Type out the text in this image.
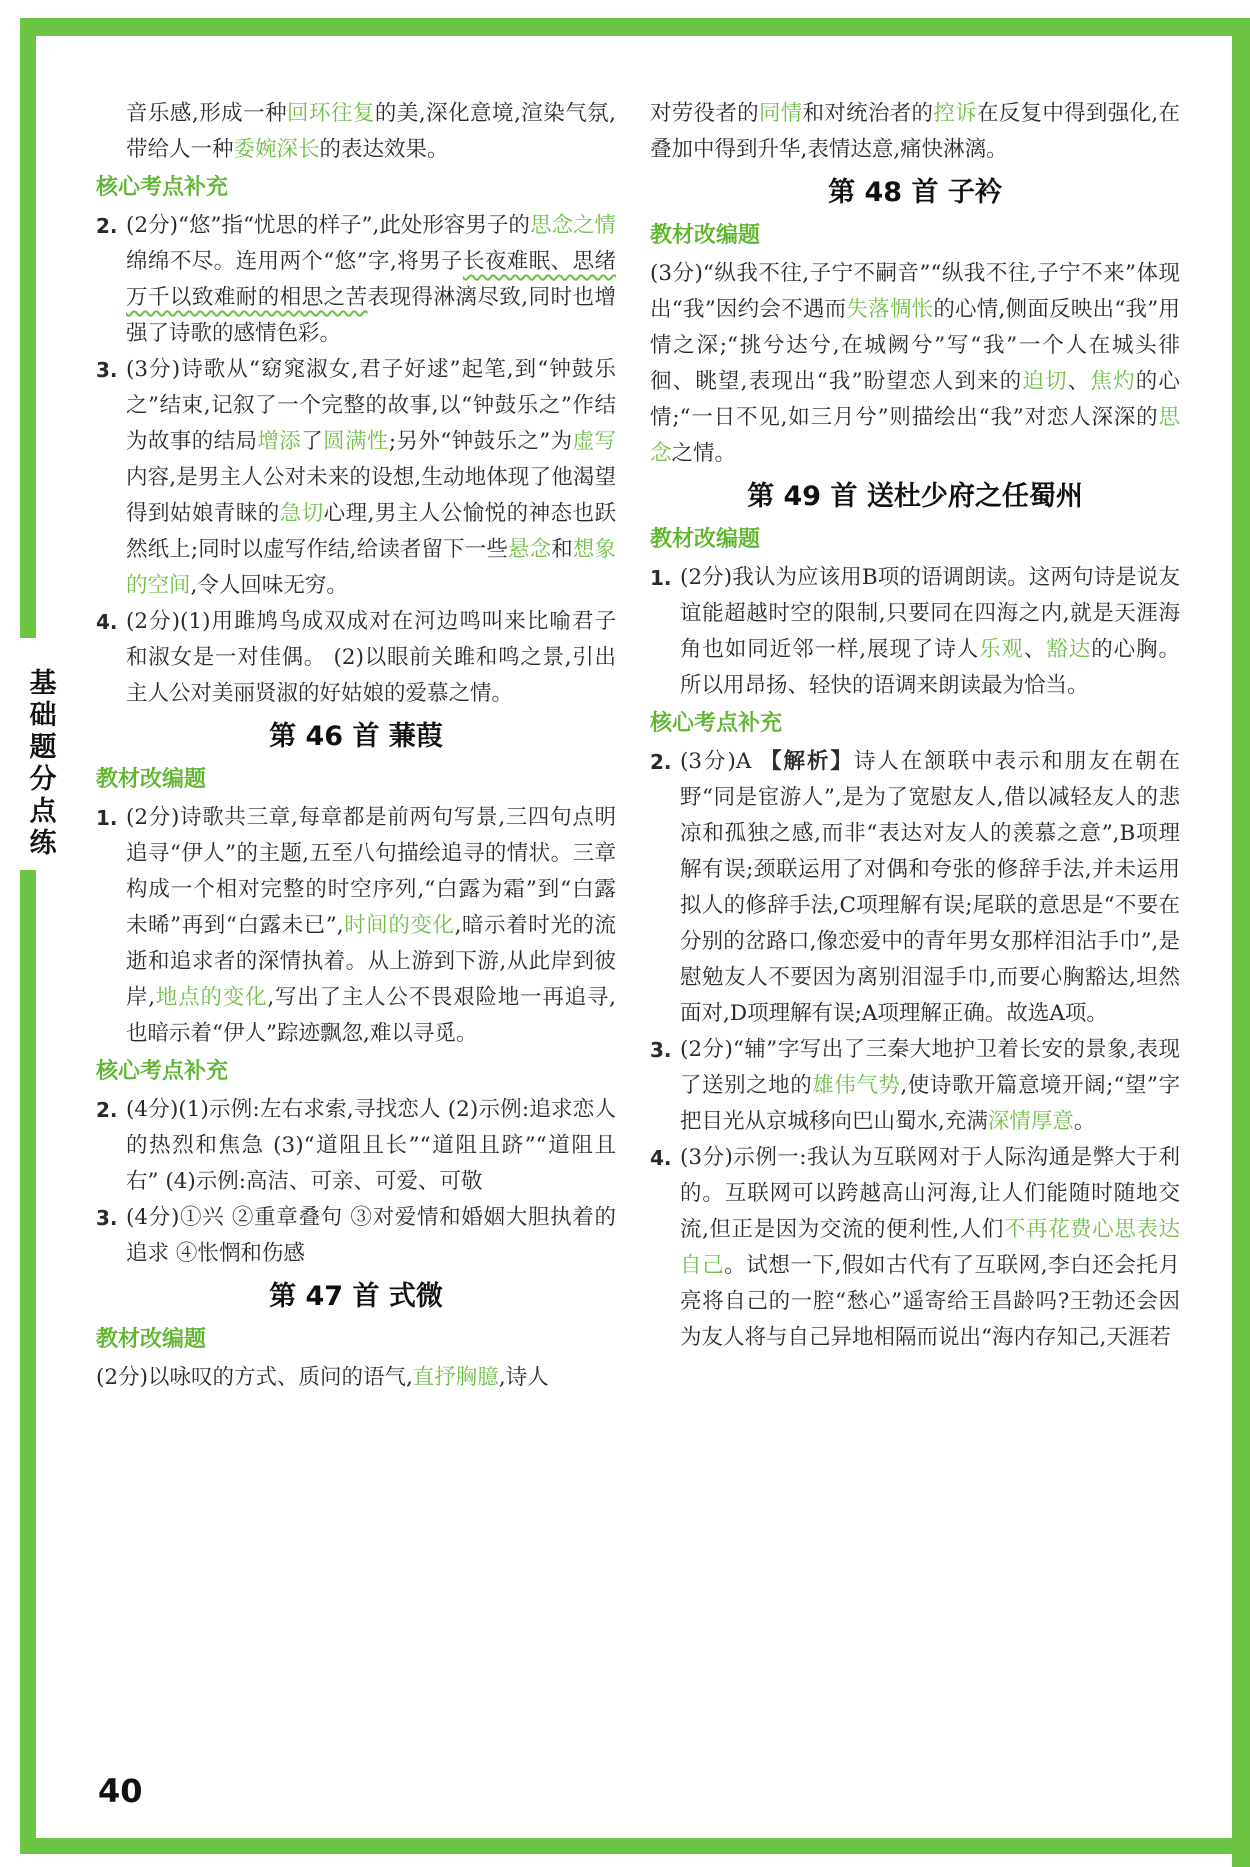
基
础
题
分
点
练

音乐感,形成一种回环往复的美,深化意境,渲染气氛,带给人一种委婉深长的表达效果。

核心考点补充

2. (2分)“悠”指“忧思的样子”,此处形容男子的思念之情绵绵不尽。连用两个“悠”字,将男子长夜难眠、思绪万千以致难耐的相思之苦表现得淋漓尽致,同时也增强了诗歌的感情色彩。

3. (3分)诗歌从“窈窕淑女,君子好逑”起笔,到“钟鼓乐之”结束,记叙了一个完整的故事,以“钟鼓乐之”作结为故事的结局增添了圆满性;另外“钟鼓乐之”为虚写内容,是男主人公对未来的设想,生动地体现了他渴望得到姑娘青睐的急切心理,男主人公愉悦的神态也跃然纸上;同时以虚写作结,给读者留下一些悬念和想象的空间,令人回味无穷。

4. (2分)(1)用雎鸠鸟成双成对在河边鸣叫来比喻君子和淑女是一对佳偶。 (2)以眼前关雎和鸣之景,引出主人公对美丽贤淑的好姑娘的爱慕之情。

第 46 首 蒹葭
教材改编题

1. (2分)诗歌共三章,每章都是前两句写景,三四句点明追寻“伊人”的主题,五至八句描绘追寻的情状。三章构成一个相对完整的时空序列,“白露为霜”到“白露未晞”再到“白露未已”,时间的变化,暗示着时光的流逝和追求者的深情执着。从上游到下游,从此岸到彼岸,地点的变化,写出了主人公不畏艰险地一再追寻,也暗示着“伊人”踪迹飘忽,难以寻觅。

核心考点补充

2. (4分)(1)示例:左右求索,寻找恋人 (2)示例:追求恋人的热烈和焦急 (3)“道阻且长”“道阻且跻”“道阻且右” (4)示例:高洁、可亲、可爱、可敬

3. (4分)①兴 ②重章叠句 ③对爱情和婚姻大胆执着的追求 ④怅惘和伤感

第 47 首 式微
教材改编题

(2分)以咏叹的方式、质问的语气,直抒胸臆,诗人

对劳役者的同情和对统治者的控诉在反复中得到强化,在叠加中得到升华,表情达意,痛快淋漓。

第 48 首 子衿
教材改编题

(3分)“纵我不往,子宁不嗣音”“纵我不往,子宁不来”体现出“我”因约会不遇而失落惆怅的心情,侧面反映出“我”用情之深;“挑兮达兮,在城阙兮”写“我”一个人在城头徘徊、眺望,表现出“我”盼望恋人到来的迫切、焦灼的心情;“一日不见,如三月兮”则描绘出“我”对恋人深深的思念之情。

第 49 首 送杜少府之任蜀州
教材改编题

1. (2分)我认为应该用B项的语调朗读。这两句诗是说友谊能超越时空的限制,只要同在四海之内,就是天涯海角也如同近邻一样,展现了诗人乐观、豁达的心胸。所以用昂扬、轻快的语调来朗读最为恰当。

核心考点补充

2. (3分)A 【解析】诗人在颔联中表示和朋友在朝在野“同是宦游人”,是为了宽慰友人,借以减轻友人的悲凉和孤独之感,而非“表达对友人的羡慕之意”,B项理解有误;颈联运用了对偶和夸张的修辞手法,并未运用拟人的修辞手法,C项理解有误;尾联的意思是“不要在分别的岔路口,像恋爱中的青年男女那样泪沾手巾”,是慰勉友人不要因为离别泪湿手巾,而要心胸豁达,坦然面对,D项理解有误;A项理解正确。故选A项。

3. (2分)“辅”字写出了三秦大地护卫着长安的景象,表现了送别之地的雄伟气势,使诗歌开篇意境开阔;“望”字把目光从京城移向巴山蜀水,充满深情厚意。

4. (3分)示例一:我认为互联网对于人际沟通是弊大于利的。互联网可以跨越高山河海,让人们能随时随地交流,但正是因为交流的便利性,人们不再花费心思表达自己。试想一下,假如古代有了互联网,李白还会托月亮将自己的一腔“愁心”遥寄给王昌龄吗?王勃还会因为友人将与自己异地相隔而说出“海内存知己,天涯若

40
